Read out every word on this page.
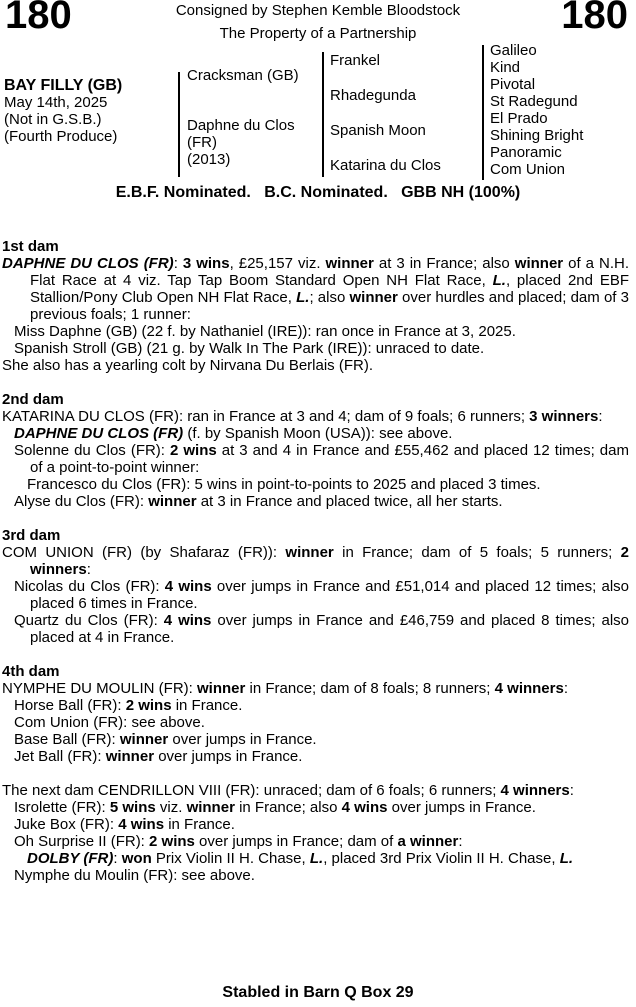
180	180
Consigned by Stephen Kemble Bloodstock
The Property of a Partnership
BAY FILLY (GB)
May 14th, 2025
(Not in G.S.B.)
(Fourth Produce)
Cracksman (GB)
Daphne du Clos
(FR)
(2013)
Frankel
Rhadegunda
Spanish Moon
Katarina du Clos
Galileo
Kind
Pivotal
St Radegund
El Prado
Shining Bright
Panoramic
Com Union
E.B.F. Nominated.   B.C. Nominated.   GBB NH (100%)

1st dam

DAPHNE DU CLOS (FR): 3 wins, £25,157 viz. winner at 3 in France; also winner of a N.H. Flat Race at 4 viz. Tap Tap Boom Standard Open NH Flat Race, L., placed 2nd EBF Stallion/Pony Club Open NH Flat Race, L.; also winner over hurdles and placed; dam of 3 previous foals; 1 runner:

Miss Daphne (GB) (22 f. by Nathaniel (IRE)): ran once in France at 3, 2025.

Spanish Stroll (GB) (21 g. by Walk In The Park (IRE)): unraced to date.

She also has a yearling colt by Nirvana Du Berlais (FR).

2nd dam

KATARINA DU CLOS (FR): ran in France at 3 and 4; dam of 9 foals; 6 runners; 3 winners:

DAPHNE DU CLOS (FR) (f. by Spanish Moon (USA)): see above.

Solenne du Clos (FR): 2 wins at 3 and 4 in France and £55,462 and placed 12 times; dam of a point-to-point winner:

Francesco du Clos (FR): 5 wins in point-to-points to 2025 and placed 3 times.

Alyse du Clos (FR): winner at 3 in France and placed twice, all her starts.

3rd dam

COM UNION (FR) (by Shafaraz (FR)): winner in France; dam of 5 foals; 5 runners; 2 winners:

Nicolas du Clos (FR): 4 wins over jumps in France and £51,014 and placed 12 times; also placed 6 times in France.

Quartz du Clos (FR): 4 wins over jumps in France and £46,759 and placed 8 times; also placed at 4 in France.

4th dam

NYMPHE DU MOULIN (FR): winner in France; dam of 8 foals; 8 runners; 4 winners:

Horse Ball (FR): 2 wins in France.

Com Union (FR): see above.

Base Ball (FR): winner over jumps in France.

Jet Ball (FR): winner over jumps in France.

The next dam CENDRILLON VIII (FR): unraced; dam of 6 foals; 6 runners; 4 winners:

Isrolette (FR): 5 wins viz. winner in France; also 4 wins over jumps in France.

Juke Box (FR): 4 wins in France.

Oh Surprise II (FR): 2 wins over jumps in France; dam of a winner:

DOLBY (FR): won Prix Violin II H. Chase, L., placed 3rd Prix Violin II H. Chase, L.

Nymphe du Moulin (FR): see above.

Stabled in Barn Q Box 29
